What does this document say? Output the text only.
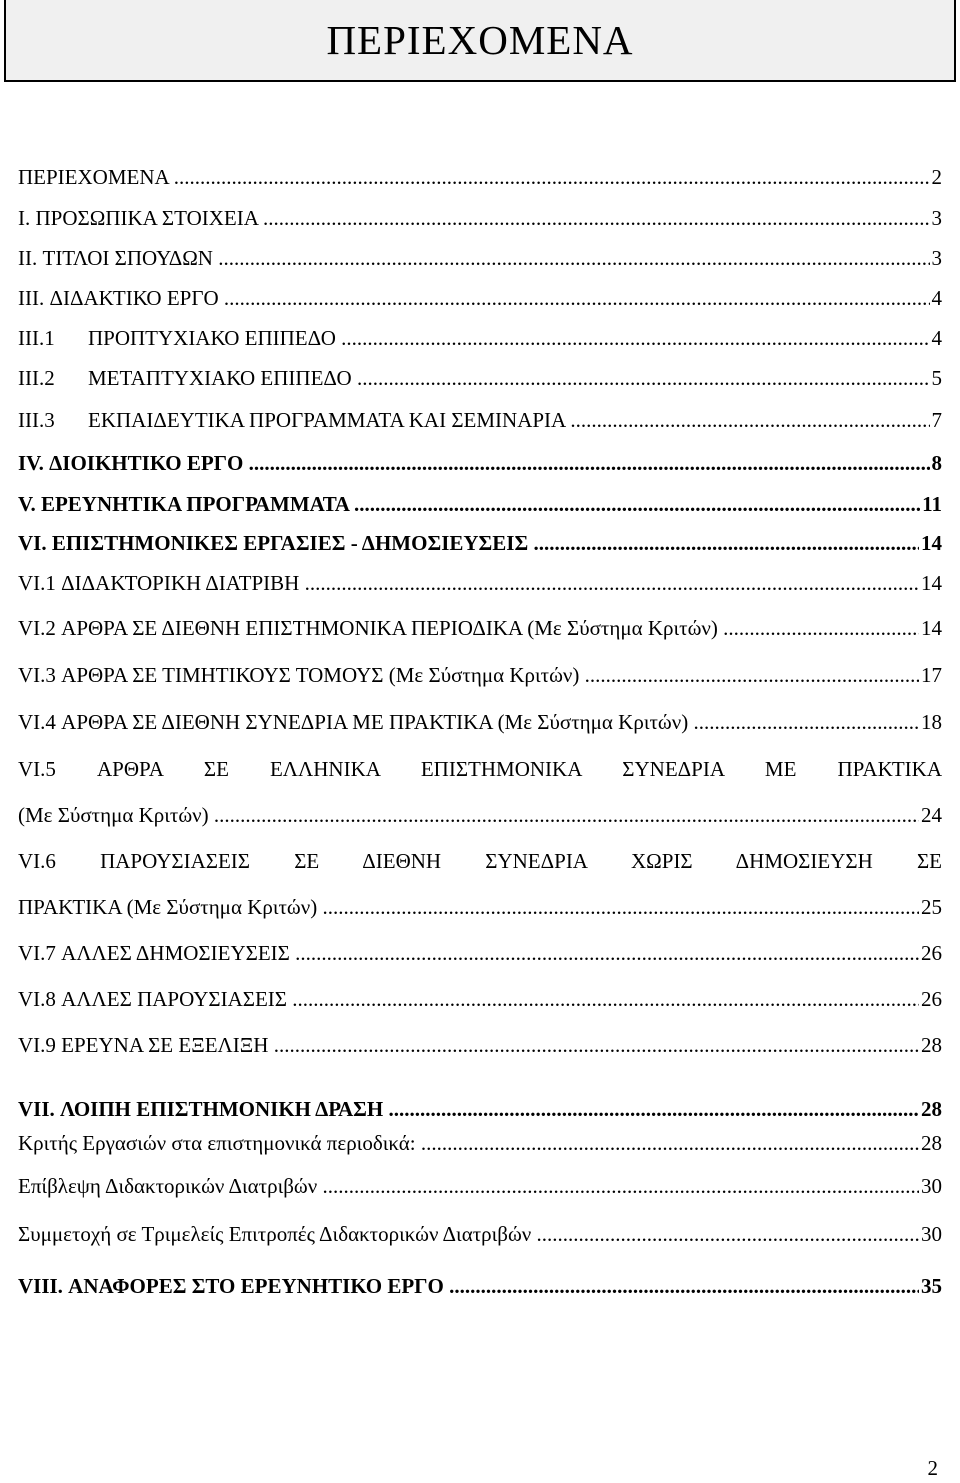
ΠΕΡΙΕΧΟΜΕΝΑ
ΠΕΡΙΕΧΟΜΕΝΑ .....	2
I. ΠΡΟΣΩΠΙΚΑ ΣΤΟΙΧΕΙΑ .....	3
II. ΤΙΤΛΟΙ ΣΠΟΥΔΩΝ .....	3
III. ΔΙΔΑΚΤΙΚΟ ΕΡΓΟ .....	4
III.1	ΠΡΟΠΤΥΧΙΑΚΟ ΕΠΙΠΕΔΟ .....	4
III.2	ΜΕΤΑΠΤΥΧΙΑΚΟ ΕΠΙΠΕΔΟ .....	5
III.3	ΕΚΠΑΙΔΕΥΤΙΚΑ ΠΡΟΓΡΑΜΜΑΤΑ ΚΑΙ ΣΕΜΙΝΑΡΙΑ .....	7
IV. ΔΙΟΙΚΗΤΙΚΟ ΕΡΓΟ .....	8
V. ΕΡΕΥΝΗΤΙΚΑ ΠΡΟΓΡΑΜΜΑΤΑ .....	11
VI. ΕΠΙΣΤΗΜΟΝΙΚΕΣ ΕΡΓΑΣΙΕΣ - ΔΗΜΟΣΙΕΥΣΕΙΣ .....	14
VI.1 ΔΙΔΑΚΤΟΡΙΚΗ ΔΙΑΤΡΙΒΗ .....	14
VI.2 ΑΡΘΡΑ ΣΕ ΔΙΕΘΝΗ ΕΠΙΣΤΗΜΟΝΙΚΑ ΠΕΡΙΟΔΙΚΑ (Με Σύστημα Κριτών) .....	14
VI.3 ΑΡΘΡΑ ΣΕ ΤΙΜΗΤΙΚΟΥΣ ΤΟΜΟΥΣ (Με Σύστημα Κριτών) .....	17
VI.4 ΑΡΘΡΑ ΣΕ ΔΙΕΘΝΗ ΣΥΝΕΔΡΙΑ ΜΕ ΠΡΑΚΤΙΚΑ (Με Σύστημα Κριτών) .....	18
VI.5 ΑΡΘΡΑ ΣΕ ΕΛΛΗΝΙΚΑ ΕΠΙΣΤΗΜΟΝΙΚΑ ΣΥΝΕΔΡΙΑ ΜΕ ΠΡΑΚΤΙΚΑ
(Με Σύστημα Κριτών) .....	24
VI.6 ΠΑΡΟΥΣΙΑΣΕΙΣ ΣΕ ΔΙΕΘΝΗ ΣΥΝΕΔΡΙΑ ΧΩΡΙΣ ΔΗΜΟΣΙΕΥΣΗ ΣΕ
ΠΡΑΚΤΙΚΑ (Με Σύστημα Κριτών) .....	25
VI.7 ΑΛΛΕΣ ΔΗΜΟΣΙΕΥΣΕΙΣ .....	26
VI.8 ΑΛΛΕΣ ΠΑΡΟΥΣΙΑΣΕΙΣ .....	26
VI.9 ΕΡΕΥΝΑ ΣΕ ΕΞΕΛΙΞΗ .....	28
VII. ΛΟΙΠΗ ΕΠΙΣΤΗΜΟΝΙΚΗ ΔΡΑΣΗ .....	28
Κριτής Εργασιών στα επιστημονικά περιοδικά: .....	28
Επίβλεψη Διδακτορικών Διατριβών .....	30
Συμμετοχή σε Τριμελείς Επιτροπές Διδακτορικών Διατριβών .....	30
VIII. ΑΝΑΦΟΡΕΣ ΣΤΟ ΕΡΕΥΝΗΤΙΚΟ ΕΡΓΟ .....	35
2
